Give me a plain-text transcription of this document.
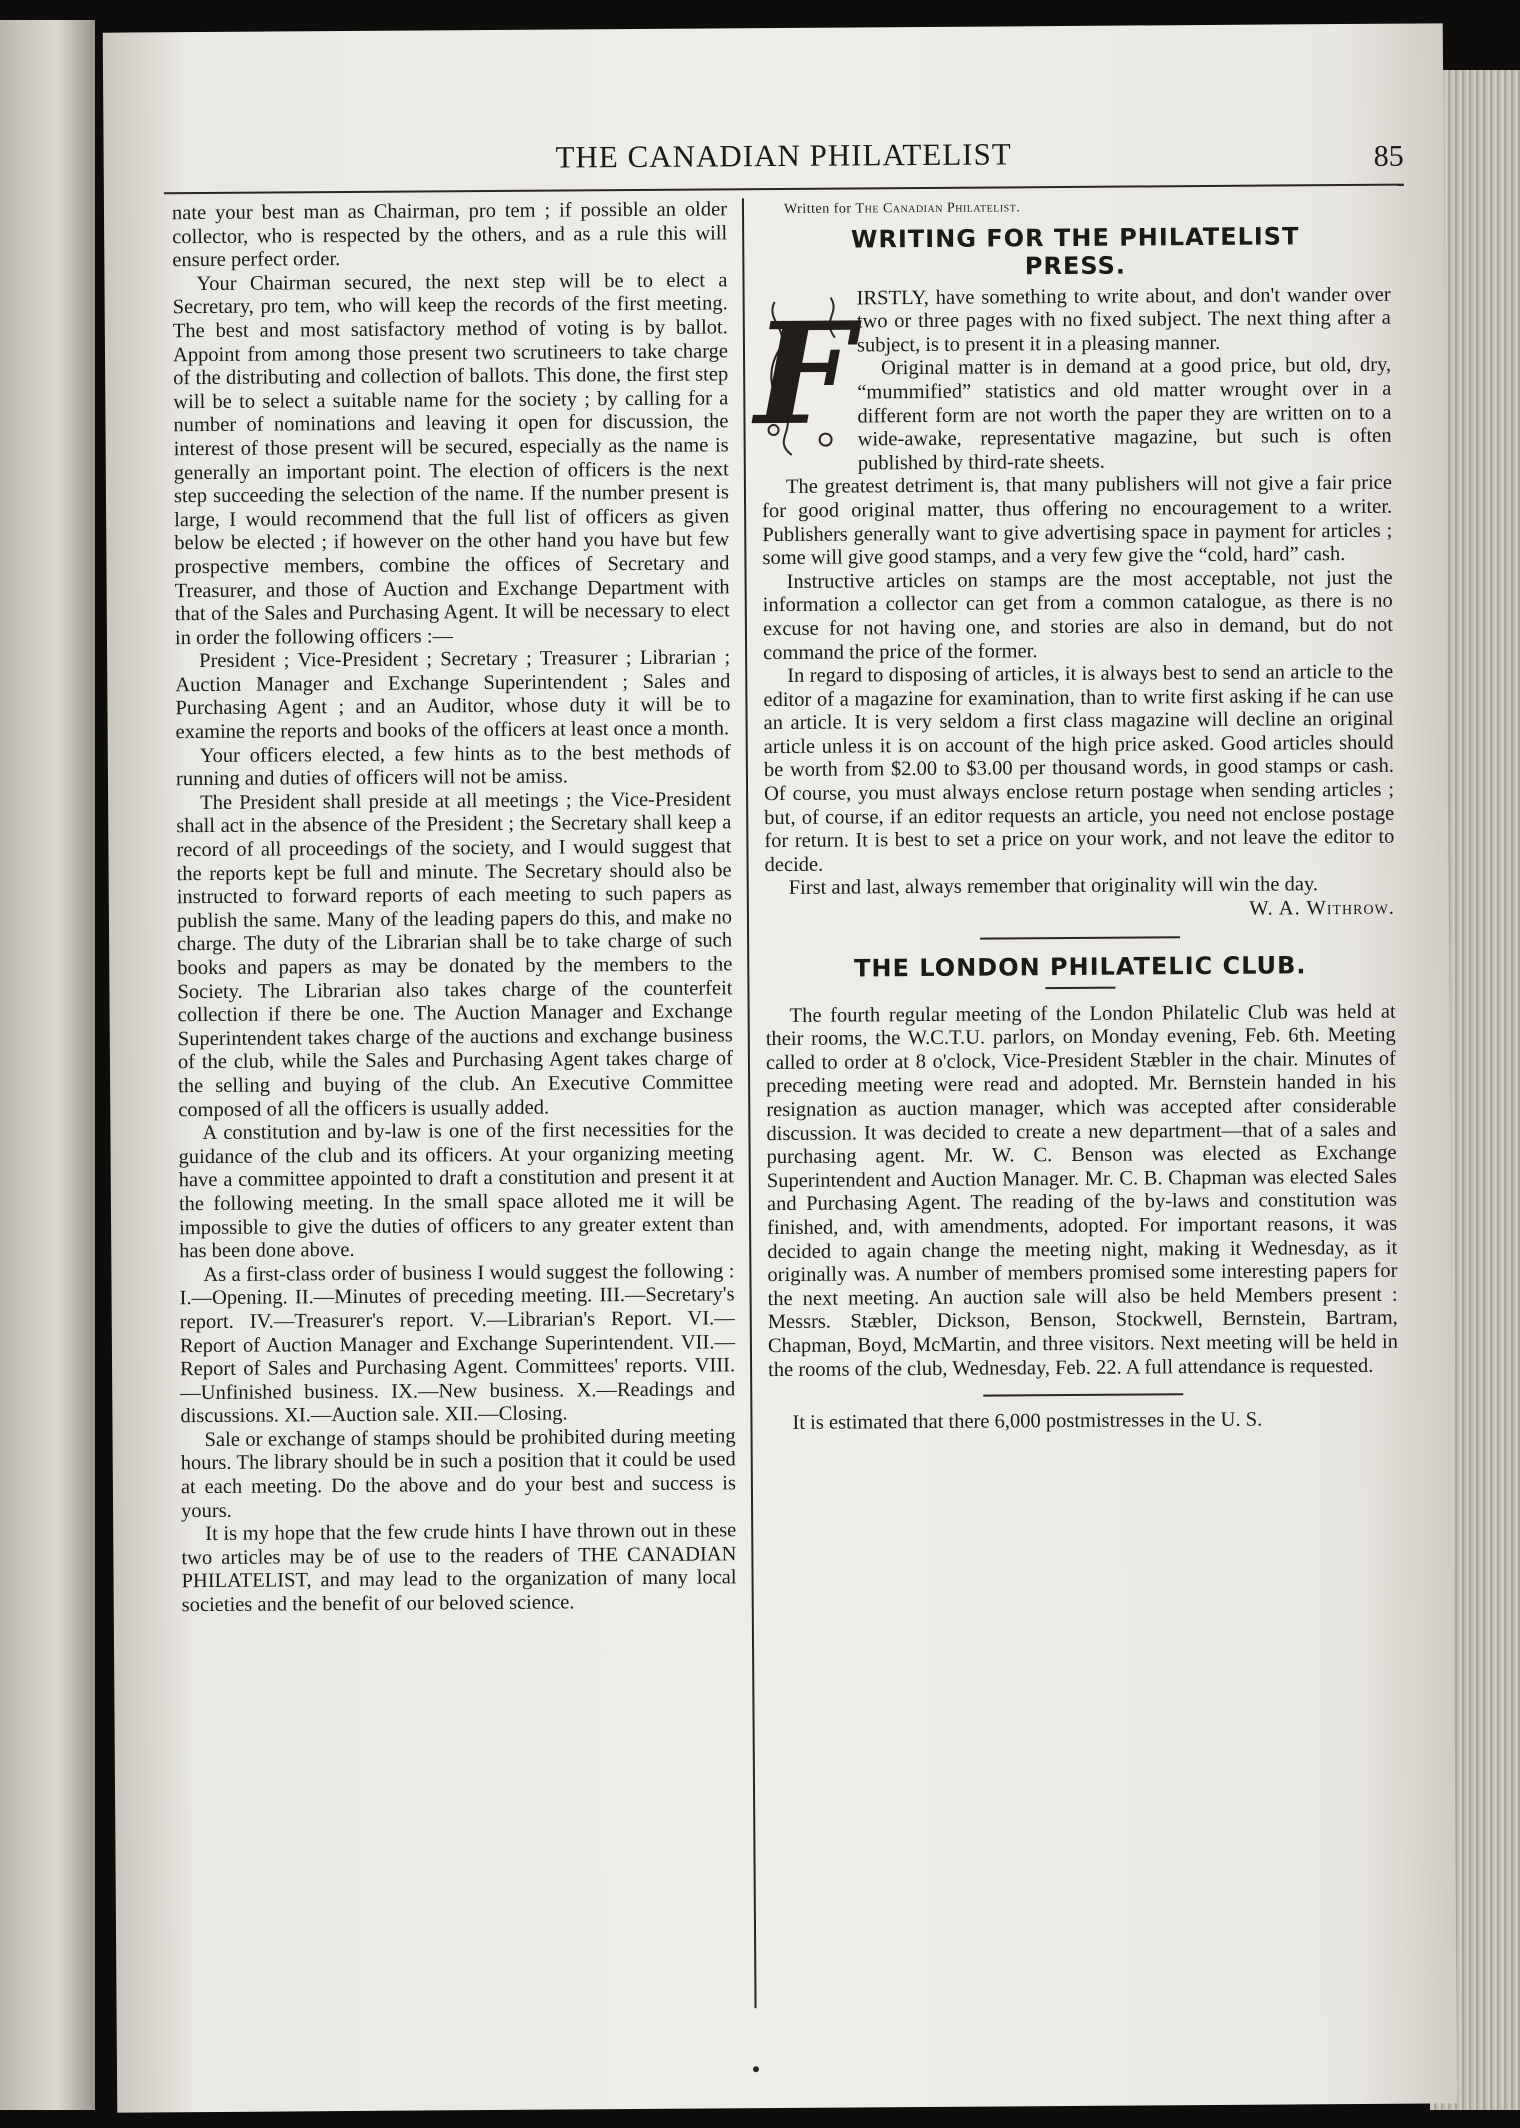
THE CANADIAN PHILATELIST	85

nate your best man as Chairman, pro tem ; if possible an older collector, who is respected by the others, and as a rule this will ensure perfect order.

Your Chairman secured, the next step will be to elect a Secretary, pro tem, who will keep the records of the first meeting. The best and most satisfactory method of voting is by ballot. Appoint from among those present two scrutineers to take charge of the distributing and collection of ballots. This done, the first step will be to select a suitable name for the society ; by calling for a number of nominations and leaving it open for discussion, the interest of those present will be secured, especially as the name is generally an important point. The election of officers is the next step succeeding the selection of the name. If the number present is large, I would recommend that the full list of officers as given below be elected ; if however on the other hand you have but few prospective members, combine the offices of Secretary and Treasurer, and those of Auction and Exchange Department with that of the Sales and Purchasing Agent. It will be necessary to elect in order the following officers :—

President ; Vice-President ; Secretary ; Treasurer ; Librarian ; Auction Manager and Exchange Superintendent ; Sales and Purchasing Agent ; and an Auditor, whose duty it will be to examine the reports and books of the officers at least once a month.

Your officers elected, a few hints as to the best methods of running and duties of officers will not be amiss.

The President shall preside at all meetings ; the Vice-President shall act in the absence of the President ; the Secretary shall keep a record of all proceedings of the society, and I would suggest that the reports kept be full and minute. The Secretary should also be instructed to forward reports of each meeting to such papers as publish the same. Many of the leading papers do this, and make no charge. The duty of the Librarian shall be to take charge of such books and papers as may be donated by the members to the Society. The Librarian also takes charge of the counterfeit collection if there be one. The Auction Manager and Exchange Superintendent takes charge of the auctions and exchange business of the club, while the Sales and Purchasing Agent takes charge of the selling and buying of the club. An Executive Committee composed of all the officers is usually added.

A constitution and by-law is one of the first necessities for the guidance of the club and its officers. At your organizing meeting have a committee appointed to draft a constitution and present it at the following meeting. In the small space alloted me it will be impossible to give the duties of officers to any greater extent than has been done above.

As a first-class order of business I would suggest the following : I.—Opening. II.—Minutes of preceding meeting. III.—Secretary's report. IV.—Treasurer's report. V.—Librarian's Report. VI.—Report of Auction Manager and Exchange Superintendent. VII.—Report of Sales and Purchasing Agent. Committees' reports. VIII.—Unfinished business. IX.—New business. X.—Readings and discussions. XI.—Auction sale. XII.—Closing.

Sale or exchange of stamps should be prohibited during meeting hours. The library should be in such a position that it could be used at each meeting. Do the above and do your best and success is yours.

It is my hope that the few crude hints I have thrown out in these two articles may be of use to the readers of THE CANADIAN PHILATELIST, and may lead to the organization of many local societies and the benefit of our beloved science.

Written for The Canadian Philatelist.

WRITING FOR THE PHILATELIST
PRESS.
F IRSTLY, have something to write about, and don't wander over two or three pages with no fixed subject. The next thing after a subject, is to present it in a pleasing manner.

Original matter is in demand at a good price, but old, dry, “mummified” statistics and old matter wrought over in a different form are not worth the paper they are written on to a wide-awake, representative magazine, but such is often published by third-rate sheets.

The greatest detriment is, that many publishers will not give a fair price for good original matter, thus offering no encouragement to a writer. Publishers generally want to give advertising space in payment for articles ; some will give good stamps, and a very few give the “cold, hard” cash.

Instructive articles on stamps are the most acceptable, not just the information a collector can get from a common catalogue, as there is no excuse for not having one, and stories are also in demand, but do not command the price of the former.

In regard to disposing of articles, it is always best to send an article to the editor of a magazine for examination, than to write first asking if he can use an article. It is very seldom a first class magazine will decline an original article unless it is on account of the high price asked. Good articles should be worth from $2.00 to $3.00 per thousand words, in good stamps or cash. Of course, you must always enclose return postage when sending articles ; but, of course, if an editor requests an article, you need not enclose postage for return. It is best to set a price on your work, and not leave the editor to decide.

First and last, always remember that originality will win the day.

W. A. Withrow.

THE LONDON PHILATELIC CLUB.

The fourth regular meeting of the London Philatelic Club was held at their rooms, the W.C.T.U. parlors, on Monday evening, Feb. 6th. Meeting called to order at 8 o'clock, Vice-President Stæbler in the chair. Minutes of preceding meeting were read and adopted. Mr. Bernstein handed in his resignation as auction manager, which was accepted after considerable discussion. It was decided to create a new department—that of a sales and purchasing agent. Mr. W. C. Benson was elected as Exchange Superintendent and Auction Manager. Mr. C. B. Chapman was elected Sales and Purchasing Agent. The reading of the by-laws and constitution was finished, and, with amendments, adopted. For important reasons, it was decided to again change the meeting night, making it Wednesday, as it originally was. A number of members promised some interesting papers for the next meeting. An auction sale will also be held Members present : Messrs. Stæbler, Dickson, Benson, Stockwell, Bernstein, Bartram, Chapman, Boyd, McMartin, and three visitors. Next meeting will be held in the rooms of the club, Wednesday, Feb. 22. A full attendance is requested.

It is estimated that there 6,000 postmistresses in the U. S.
